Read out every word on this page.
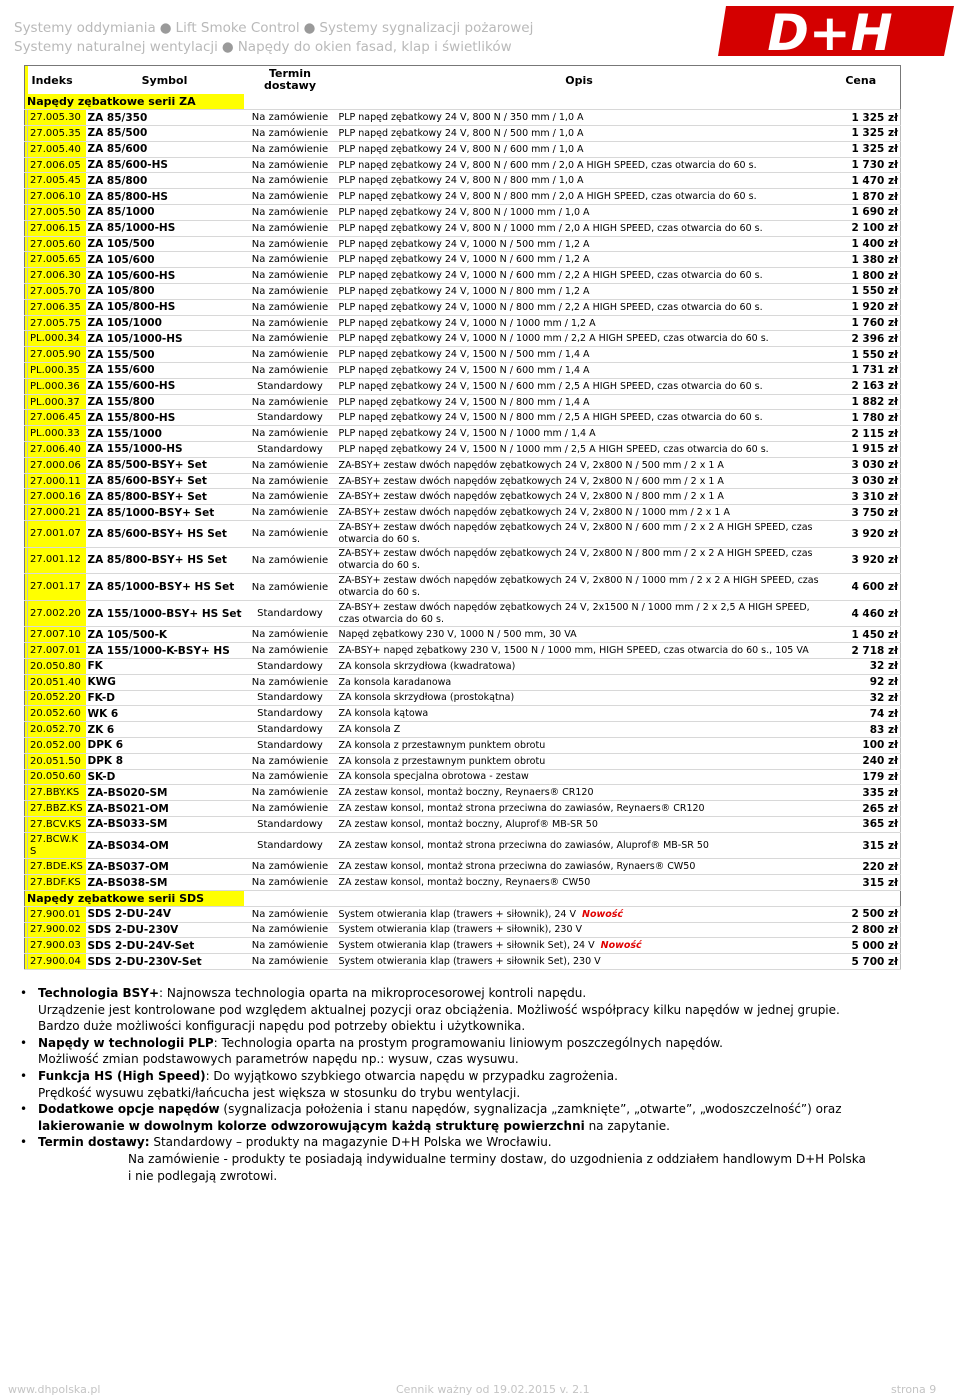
Systemy oddymiania ● Lift Smoke Control ● Systemy sygnalizacji pożarowej
Systemy naturalnej wentylacji ● Napędy do okien fasad, klap i świetlików	D+H
	Indeks	Symbol	Termin dostawy	Opis	Cena
Napędy zębatkowe serii ZA					
	27.005.30	ZA 85/350	Na zamówienie	PLP napęd zębatkowy 24 V, 800 N / 350 mm / 1,0 A	1 325 zł
	27.005.35	ZA 85/500	Na zamówienie	PLP napęd zębatkowy 24 V, 800 N / 500 mm / 1,0 A	1 325 zł
	27.005.40	ZA 85/600	Na zamówienie	PLP napęd zębatkowy 24 V, 800 N / 600 mm / 1,0 A	1 325 zł
	27.006.05	ZA 85/600-HS	Na zamówienie	PLP napęd zębatkowy 24 V, 800 N / 600 mm / 2,0 A HIGH SPEED, czas otwarcia do 60 s.	1 730 zł
	27.005.45	ZA 85/800	Na zamówienie	PLP napęd zębatkowy 24 V, 800 N / 800 mm / 1,0 A	1 470 zł
	27.006.10	ZA 85/800-HS	Na zamówienie	PLP napęd zębatkowy 24 V, 800 N / 800 mm / 2,0 A HIGH SPEED, czas otwarcia do 60 s.	1 870 zł
	27.005.50	ZA 85/1000	Na zamówienie	PLP napęd zębatkowy 24 V, 800 N / 1000 mm / 1,0 A	1 690 zł
	27.006.15	ZA 85/1000-HS	Na zamówienie	PLP napęd zębatkowy 24 V, 800 N / 1000 mm / 2,0 A HIGH SPEED, czas otwarcia do 60 s.	2 100 zł
	27.005.60	ZA 105/500	Na zamówienie	PLP napęd zębatkowy 24 V, 1000 N / 500 mm / 1,2 A	1 400 zł
	27.005.65	ZA 105/600	Na zamówienie	PLP napęd zębatkowy 24 V, 1000 N / 600 mm / 1,2 A	1 380 zł
	27.006.30	ZA 105/600-HS	Na zamówienie	PLP napęd zębatkowy 24 V, 1000 N / 600 mm / 2,2 A HIGH SPEED, czas otwarcia do 60 s.	1 800 zł
	27.005.70	ZA 105/800	Na zamówienie	PLP napęd zębatkowy 24 V, 1000 N / 800 mm / 1,2 A	1 550 zł
	27.006.35	ZA 105/800-HS	Na zamówienie	PLP napęd zębatkowy 24 V, 1000 N / 800 mm / 2,2 A HIGH SPEED, czas otwarcia do 60 s.	1 920 zł
	27.005.75	ZA 105/1000	Na zamówienie	PLP napęd zębatkowy 24 V, 1000 N / 1000 mm / 1,2 A	1 760 zł
	PL.000.34	ZA 105/1000-HS	Na zamówienie	PLP napęd zębatkowy 24 V, 1000 N / 1000 mm / 2,2 A HIGH SPEED, czas otwarcia do 60 s.	2 396 zł
	27.005.90	ZA 155/500	Na zamówienie	PLP napęd zębatkowy 24 V, 1500 N / 500 mm / 1,4 A	1 550 zł
	PL.000.35	ZA 155/600	Na zamówienie	PLP napęd zębatkowy 24 V, 1500 N / 600 mm / 1,4 A	1 731 zł
	PL.000.36	ZA 155/600-HS	Standardowy	PLP napęd zębatkowy 24 V, 1500 N / 600 mm / 2,5 A HIGH SPEED, czas otwarcia do 60 s.	2 163 zł
	PL.000.37	ZA 155/800	Na zamówienie	PLP napęd zębatkowy 24 V, 1500 N / 800 mm / 1,4 A	1 882 zł
	27.006.45	ZA 155/800-HS	Standardowy	PLP napęd zębatkowy 24 V, 1500 N / 800 mm / 2,5 A HIGH SPEED, czas otwarcia do 60 s.	1 780 zł
	PL.000.33	ZA 155/1000	Na zamówienie	PLP napęd zębatkowy 24 V, 1500 N / 1000 mm / 1,4 A	2 115 zł
	27.006.40	ZA 155/1000-HS	Standardowy	PLP napęd zębatkowy 24 V, 1500 N / 1000 mm / 2,5 A HIGH SPEED, czas otwarcia do 60 s.	1 915 zł
	27.000.06	ZA 85/500-BSY+ Set	Na zamówienie	ZA-BSY+ zestaw dwóch napędów zębatkowych 24 V, 2x800 N / 500 mm / 2 x 1 A	3 030 zł
	27.000.11	ZA 85/600-BSY+ Set	Na zamówienie	ZA-BSY+ zestaw dwóch napędów zębatkowych 24 V, 2x800 N / 600 mm / 2 x 1 A	3 030 zł
	27.000.16	ZA 85/800-BSY+ Set	Na zamówienie	ZA-BSY+ zestaw dwóch napędów zębatkowych 24 V, 2x800 N / 800 mm / 2 x 1 A	3 310 zł
	27.000.21	ZA 85/1000-BSY+ Set	Na zamówienie	ZA-BSY+ zestaw dwóch napędów zębatkowych 24 V, 2x800 N / 1000 mm / 2 x 1 A	3 750 zł
	27.001.07	ZA 85/600-BSY+ HS Set	Na zamówienie	ZA-BSY+ zestaw dwóch napędów zębatkowych 24 V, 2x800 N / 600 mm / 2 x 2 A HIGH SPEED, czas otwarcia do 60 s.	3 920 zł
	27.001.12	ZA 85/800-BSY+ HS Set	Na zamówienie	ZA-BSY+ zestaw dwóch napędów zębatkowych 24 V, 2x800 N / 800 mm / 2 x 2 A HIGH SPEED, czas otwarcia do 60 s.	3 920 zł
	27.001.17	ZA 85/1000-BSY+ HS Set	Na zamówienie	ZA-BSY+ zestaw dwóch napędów zębatkowych 24 V, 2x800 N / 1000 mm / 2 x 2 A HIGH SPEED, czas otwarcia do 60 s.	4 600 zł
	27.002.20	ZA 155/1000-BSY+ HS Set	Standardowy	ZA-BSY+ zestaw dwóch napędów zębatkowych 24 V, 2x1500 N / 1000 mm / 2 x 2,5 A HIGH SPEED, czas otwarcia do 60 s.	4 460 zł
	27.007.10	ZA 105/500-K	Na zamówienie	Napęd zębatkowy 230 V, 1000 N / 500 mm, 30 VA	1 450 zł
	27.007.01	ZA 155/1000-K-BSY+ HS	Na zamówienie	ZA-BSY+ napęd zębatkowy 230 V, 1500 N / 1000 mm, HIGH SPEED, czas otwarcia do 60 s., 105 VA	2 718 zł
	20.050.80	FK	Standardowy	ZA konsola skrzydłowa (kwadratowa)	32 zł
	20.051.40	KWG	Na zamówienie	Za konsola karadanowa	92 zł
	20.052.20	FK-D	Standardowy	ZA konsola skrzydłowa (prostokątna)	32 zł
	20.052.60	WK 6	Standardowy	ZA konsola kątowa	74 zł
	20.052.70	ZK 6	Standardowy	ZA konsola Z	83 zł
	20.052.00	DPK 6	Standardowy	ZA konsola z przestawnym punktem obrotu	100 zł
	20.051.50	DPK 8	Na zamówienie	ZA konsola z przestawnym punktem obrotu	240 zł
	20.050.60	SK-D	Na zamówienie	ZA konsola specjalna obrotowa - zestaw	179 zł
	27.BBY.KS	ZA-BS020-SM	Na zamówienie	ZA zestaw konsol, montaż boczny, Reynaers® CR120	335 zł
	27.BBZ.KS	ZA-BS021-OM	Na zamówienie	ZA zestaw konsol, montaż strona przeciwna do zawiasów, Reynaers® CR120	265 zł
	27.BCV.KS	ZA-BS033-SM	Standardowy	ZA zestaw konsol, montaż boczny, Aluprof® MB-SR 50	365 zł
	27.BCW.K S	ZA-BS034-OM	Standardowy	ZA zestaw konsol, montaż strona przeciwna do zawiasów, Aluprof® MB-SR 50	315 zł
	27.BDE.KS	ZA-BS037-OM	Na zamówienie	ZA zestaw konsol, montaż strona przeciwna do zawiasów, Rynaers® CW50	220 zł
	27.BDF.KS	ZA-BS038-SM	Na zamówienie	ZA zestaw konsol, montaż boczny, Reynaers® CW50	315 zł
Napędy zębatkowe serii SDS					
	27.900.01	SDS 2-DU-24V	Na zamówienie	System otwierania klap (trawers + siłownik), 24 V Nowość	2 500 zł
	27.900.02	SDS 2-DU-230V	Na zamówienie	System otwierania klap (trawers + siłownik), 230 V	2 800 zł
	27.900.03	SDS 2-DU-24V-Set	Na zamówienie	System otwierania klap (trawers + siłownik Set), 24 V Nowość	5 000 zł
	27.900.04	SDS 2-DU-230V-Set	Na zamówienie	System otwierania klap (trawers + siłownik Set), 230 V	5 700 zł
• Technologia BSY+: Najnowsza technologia oparta na mikroprocesorowej kontroli napędu.
Urządzenie jest kontrolowane pod względem aktualnej pozycji oraz obciążenia. Możliwość współpracy kilku napędów w jednej grupie.
Bardzo duże możliwości konfiguracji napędu pod potrzeby obiektu i użytkownika.
• Napędy w technologii PLP: Technologia oparta na prostym programowaniu liniowym poszczególnych napędów.
Możliwość zmian podstawowych parametrów napędu np.: wysuw, czas wysuwu.
• Funkcja HS (High Speed): Do wyjątkowo szybkiego otwarcia napędu w przypadku zagrożenia.
Prędkość wysuwu zębatki/łańcucha jest większa w stosunku do trybu wentylacji.
• Dodatkowe opcje napędów (sygnalizacja położenia i stanu napędów, sygnalizacja „zamknięte”, „otwarte”, „wodoszczelność”) oraz
lakierowanie w dowolnym kolorze odwzorowującym każdą strukturę powierzchni na zapytanie.
• Termin dostawy: Standardowy – produkty na magazynie D+H Polska we Wrocławiu.
Na zamówienie - produkty te posiadają indywidualne terminy dostaw, do uzgodnienia z oddziałem handlowym D+H Polska
i nie podlegają zwrotowi.
www.dhpolska.pl	Cennik ważny od 19.02.2015 v. 2.1	strona 9
